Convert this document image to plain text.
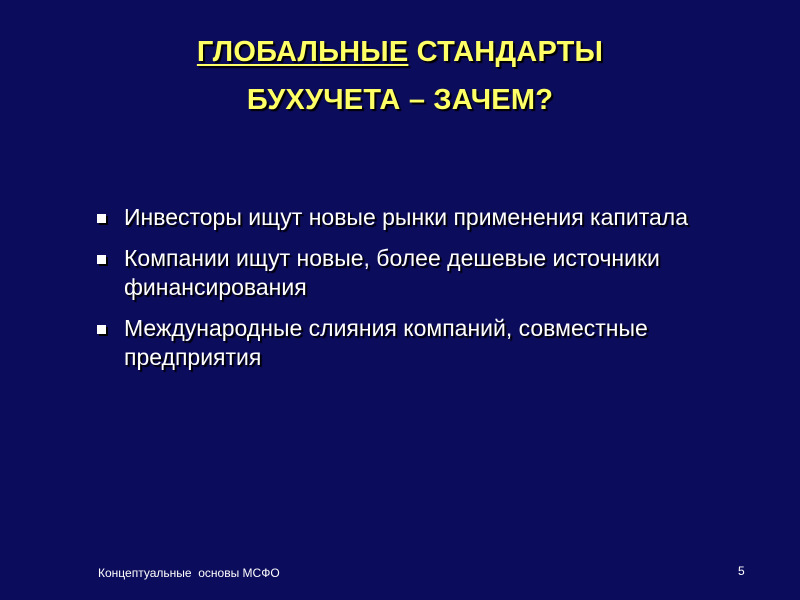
ГЛОБАЛЬНЫЕ СТАНДАРТЫ
БУХУЧЕТА – ЗАЧЕМ?
Инвесторы ищут новые рынки применения капитала
Компании ищут новые, более дешевые источники финансирования
Международные слияния компаний, совместные предприятия
Концептуальные  основы МСФО	5
